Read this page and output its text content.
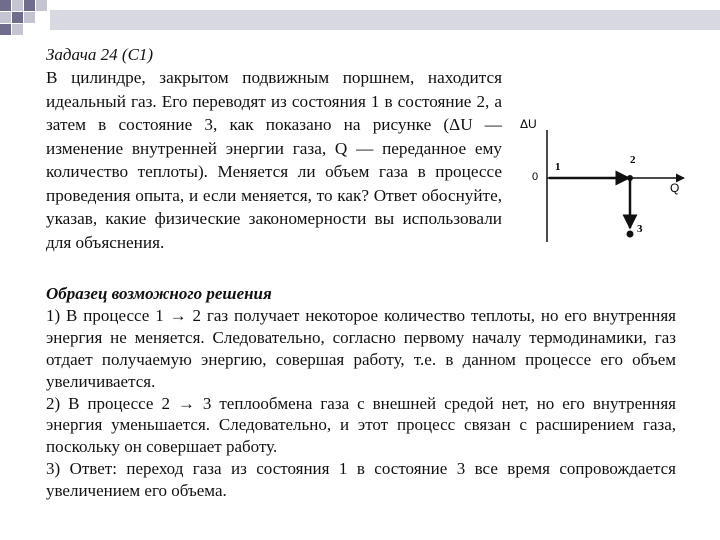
Задача 24 (С1)

В цилиндре, закрытом подвижным поршнем, находится идеальный газ. Его переводят из состояния 1 в состояние 2, а затем в состояние 3, как показано на рисунке (ΔU — изменение внутренней энергии газа, Q — переданное ему количество теплоты). Меняется ли объем газа в процессе проведения опыта, и если меняется, то как? Ответ обоснуйте, указав, какие физические закономерности вы использовали для объяснения.

ΔU
0
1
2
3
Q

Образец возможного решения

1) В процессе 1 → 2 газ получает некоторое количество теплоты, но его внутренняя энергия не меняется. Следовательно, согласно первому началу термодинамики, газ отдает получаемую энергию, совершая работу, т.е. в данном процессе его объем увеличивается.

2) В процессе 2 → 3 теплообмена газа с внешней средой нет, но его внутренняя энергия уменьшается. Следовательно, и этот процесс связан с расширением газа, поскольку он совершает работу.

3) Ответ: переход газа из состояния 1 в состояние 3 все время сопровождается увеличением его объема.
